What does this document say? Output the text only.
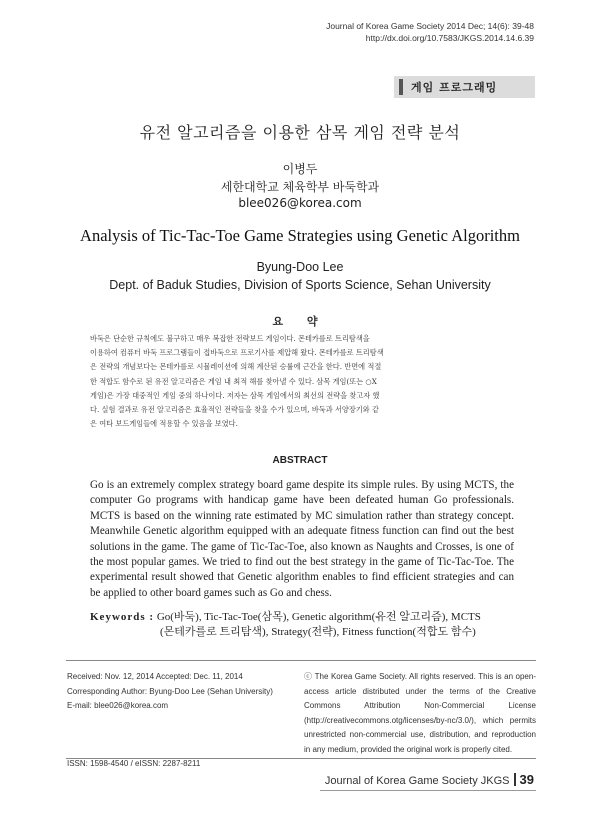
Journal of Korea Game Society 2014 Dec; 14(6): 39-48
http://dx.doi.org/10.7583/JKGS.2014.14.6.39
게임 프로그래밍
유전 알고리즘을 이용한 삼목 게임 전략 분석
이병두
세한대학교 체육학부 바둑학과
blee026@korea.com
Analysis of Tic-Tac-Toe Game Strategies using Genetic Algorithm
Byung-Doo Lee
Dept. of Baduk Studies, Division of Sports Science, Sehan University
요 약
바둑은 단순한 규칙에도 불구하고 매우 복잡한 전략보드 게임이다. 몬테카를로 트리탐색을
이용하여 컴퓨터 바둑 프로그램들이 접바둑으로 프로기사를 제압해 왔다. 몬테카를로 트리탐색
은 전략의 개념보다는 몬테카를로 시뮬레이션에 의해 계산된 승률에 근간을 한다. 반면에 적절
한 적합도 함수로 된 유전 알고리즘은 게임 내 최적 해를 찾아낼 수 있다. 삼목 게임(또는 ○X
게임)은 가장 대중적인 게임 중의 하나이다. 저자는 삼목 게임에서의 최선의 전략을 찾고자 했
다. 실험 결과로 유전 알고리즘은 효율적인 전략들을 찾을 수가 있으며, 바둑과 서양장기와 같
은 여타 보드게임들에 적용할 수 있음을 보였다.
ABSTRACT
Go is an extremely complex strategy board game despite its simple rules. By using MCTS, the computer Go programs with handicap game have been defeated human Go professionals. MCTS is based on the winning rate estimated by MC simulation rather than strategy concept. Meanwhile Genetic algorithm equipped with an adequate fitness function can find out the best solutions in the game. The game of Tic-Tac-Toe, also known as Naughts and Crosses, is one of the most popular games. We tried to find out the best strategy in the game of Tic-Tac-Toe. The experimental result showed that Genetic algorithm enables to find efficient strategies and can be applied to other board games such as Go and chess.
Keywords : Go(바둑), Tic-Tac-Toe(삼목), Genetic algorithm(유전 알고리즘), MCTS
(몬테카를로 트리탐색), Strategy(전략), Fitness function(적합도 함수)
Received: Nov. 12, 2014 Accepted: Dec. 11, 2014
Corresponding Author: Byung-Doo Lee (Sehan University)
E-mail: blee026@korea.com
ISSN: 1598-4540 / eISSN: 2287-8211
ⓒ The Korea Game Society. All rights reserved. This is an open-access article distributed under the terms of the Creative Commons Attribution Non-Commercial License (http://creativecommons.otg/licenses/by-nc/3.0/), which permits unrestricted non-commercial use, distribution, and reproduction in any medium, provided the original work is properly cited.
Journal of Korea Game Society JKGS 39
